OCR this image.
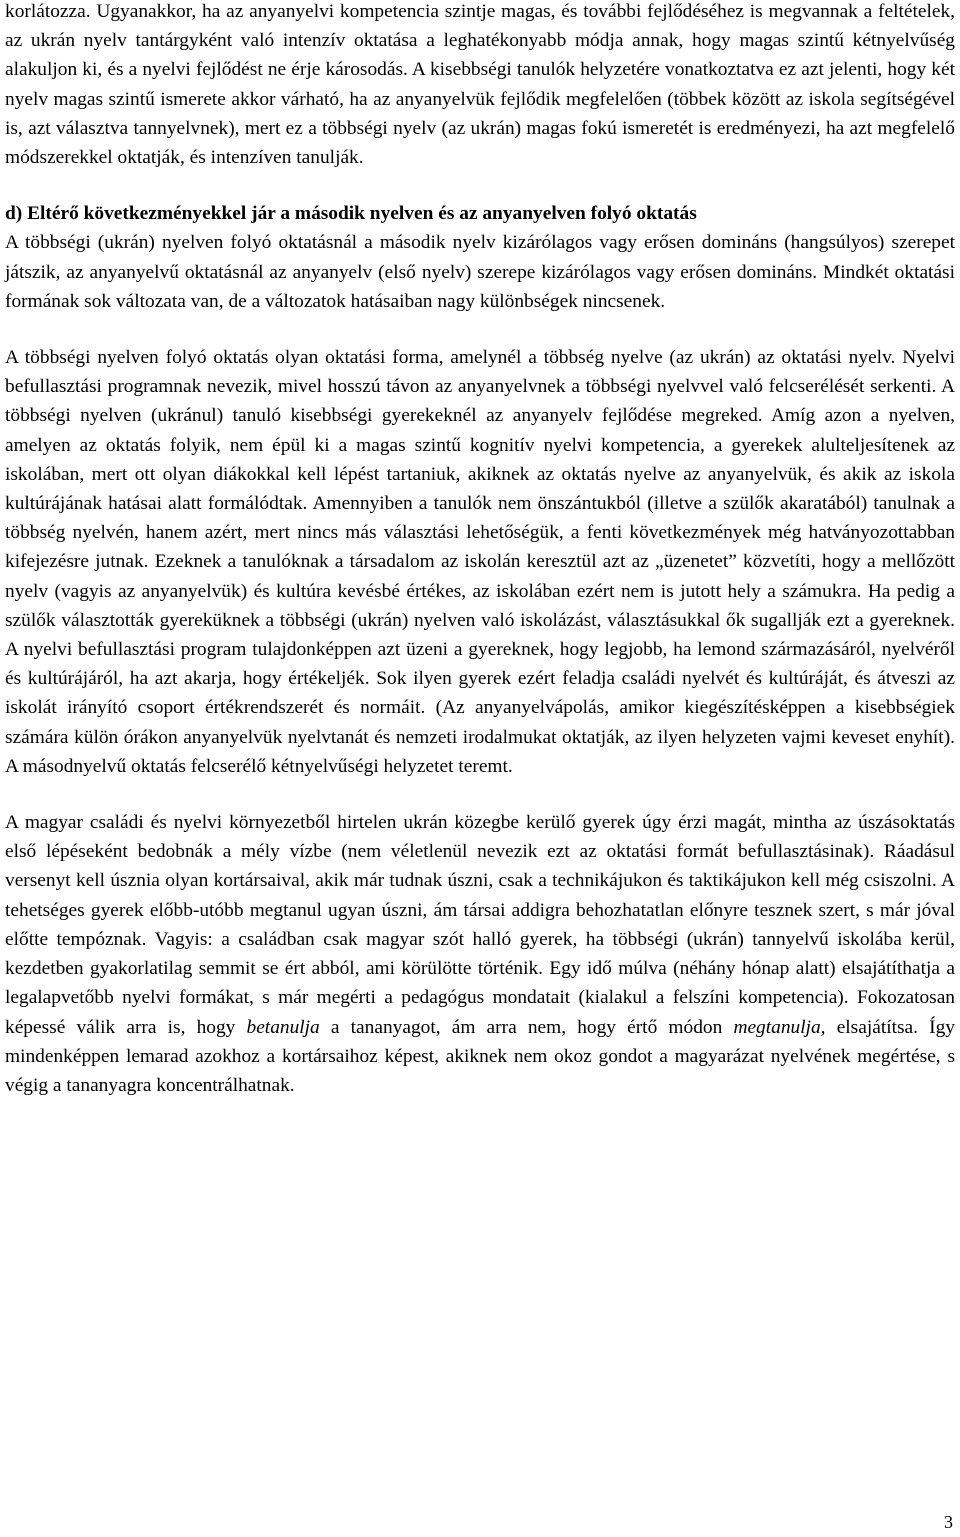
korlátozza. Ugyanakkor, ha az anyanyelvi kompetencia szintje magas, és további fejlődéséhez is megvannak a feltételek, az ukrán nyelv tantárgyként való intenzív oktatása a leghatékonyabb módja annak, hogy magas szintű kétnyelvűség alakuljon ki, és a nyelvi fejlődést ne érje károsodás. A kisebbségi tanulók helyzetére vonatkoztatva ez azt jelenti, hogy két nyelv magas szintű ismerete akkor várható, ha az anyanyelvük fejlődik megfelelően (többek között az iskola segítségével is, azt választva tannyelvnek), mert ez a többségi nyelv (az ukrán) magas fokú ismeretét is eredményezi, ha azt megfelelő módszerekkel oktatják, és intenzíven tanulják.

d) Eltérő következményekkel jár a második nyelven és az anyanyelven folyó oktatás

A többségi (ukrán) nyelven folyó oktatásnál a második nyelv kizárólagos vagy erősen domináns (hangsúlyos) szerepet játszik, az anyanyelvű oktatásnál az anyanyelv (első nyelv) szerepe kizárólagos vagy erősen domináns. Mindkét oktatási formának sok változata van, de a változatok hatásaiban nagy különbségek nincsenek.

A többségi nyelven folyó oktatás olyan oktatási forma, amelynél a többség nyelve (az ukrán) az oktatási nyelv. Nyelvi befullasztási programnak nevezik, mivel hosszú távon az anyanyelvnek a többségi nyelvvel való felcserélését serkenti. A többségi nyelven (ukránul) tanuló kisebbségi gyerekeknél az anyanyelv fejlődése megreked. Amíg azon a nyelven, amelyen az oktatás folyik, nem épül ki a magas szintű kognitív nyelvi kompetencia, a gyerekek alulteljesítenek az iskolában, mert ott olyan diákokkal kell lépést tartaniuk, akiknek az oktatás nyelve az anyanyelvük, és akik az iskola kultúrájának hatásai alatt formálódtak. Amennyiben a tanulók nem önszántukból (illetve a szülők akaratából) tanulnak a többség nyelvén, hanem azért, mert nincs más választási lehetőségük, a fenti következmények még hatványozottabban kifejezésre jutnak. Ezeknek a tanulóknak a társadalom az iskolán keresztül azt az „üzenetet” közvetíti, hogy a mellőzött nyelv (vagyis az anyanyelvük) és kultúra kevésbé értékes, az iskolában ezért nem is jutott hely a számukra. Ha pedig a szülők választották gyereküknek a többségi (ukrán) nyelven való iskolázást, választásukkal ők sugallják ezt a gyereknek. A nyelvi befullasztási program tulajdonképpen azt üzeni a gyereknek, hogy legjobb, ha lemond származásáról, nyelvéről és kultúrájáról, ha azt akarja, hogy értékeljék. Sok ilyen gyerek ezért feladja családi nyelvét és kultúráját, és átveszi az iskolát irányító csoport értékrendszerét és normáit. (Az anyanyelvápolás, amikor kiegészítésképpen a kisebbségiek számára külön órákon anyanyelvük nyelvtanát és nemzeti irodalmukat oktatják, az ilyen helyzeten vajmi keveset enyhít). A másodnyelvű oktatás felcserélő kétnyelvűségi helyzetet teremt.

A magyar családi és nyelvi környezetből hirtelen ukrán közegbe kerülő gyerek úgy érzi magát, mintha az úszásoktatás első lépéseként bedobnák a mély vízbe (nem véletlenül nevezik ezt az oktatási formát befullasztásinak). Ráadásul versenyt kell úsznia olyan kortársaival, akik már tudnak úszni, csak a technikájukon és taktikájukon kell még csiszolni. A tehetséges gyerek előbb-utóbb megtanul ugyan úszni, ám társai addigra behozhatatlan előnyre tesznek szert, s már jóval előtte tempóznak. Vagyis: a családban csak magyar szót halló gyerek, ha többségi (ukrán) tannyelvű iskolába kerül, kezdetben gyakorlatilag semmit se ért abból, ami körülötte történik. Egy idő múlva (néhány hónap alatt) elsajátíthatja a legalapvetőbb nyelvi formákat, s már megérti a pedagógus mondatait (kialakul a felszíni kompetencia). Fokozatosan képessé válik arra is, hogy betanulja a tananyagot, ám arra nem, hogy értő módon megtanulja, elsajátítsa. Így mindenképpen lemarad azokhoz a kortársaihoz képest, akiknek nem okoz gondot a magyarázat nyelvének megértése, s végig a tananyagra koncentrálhatnak.

3
